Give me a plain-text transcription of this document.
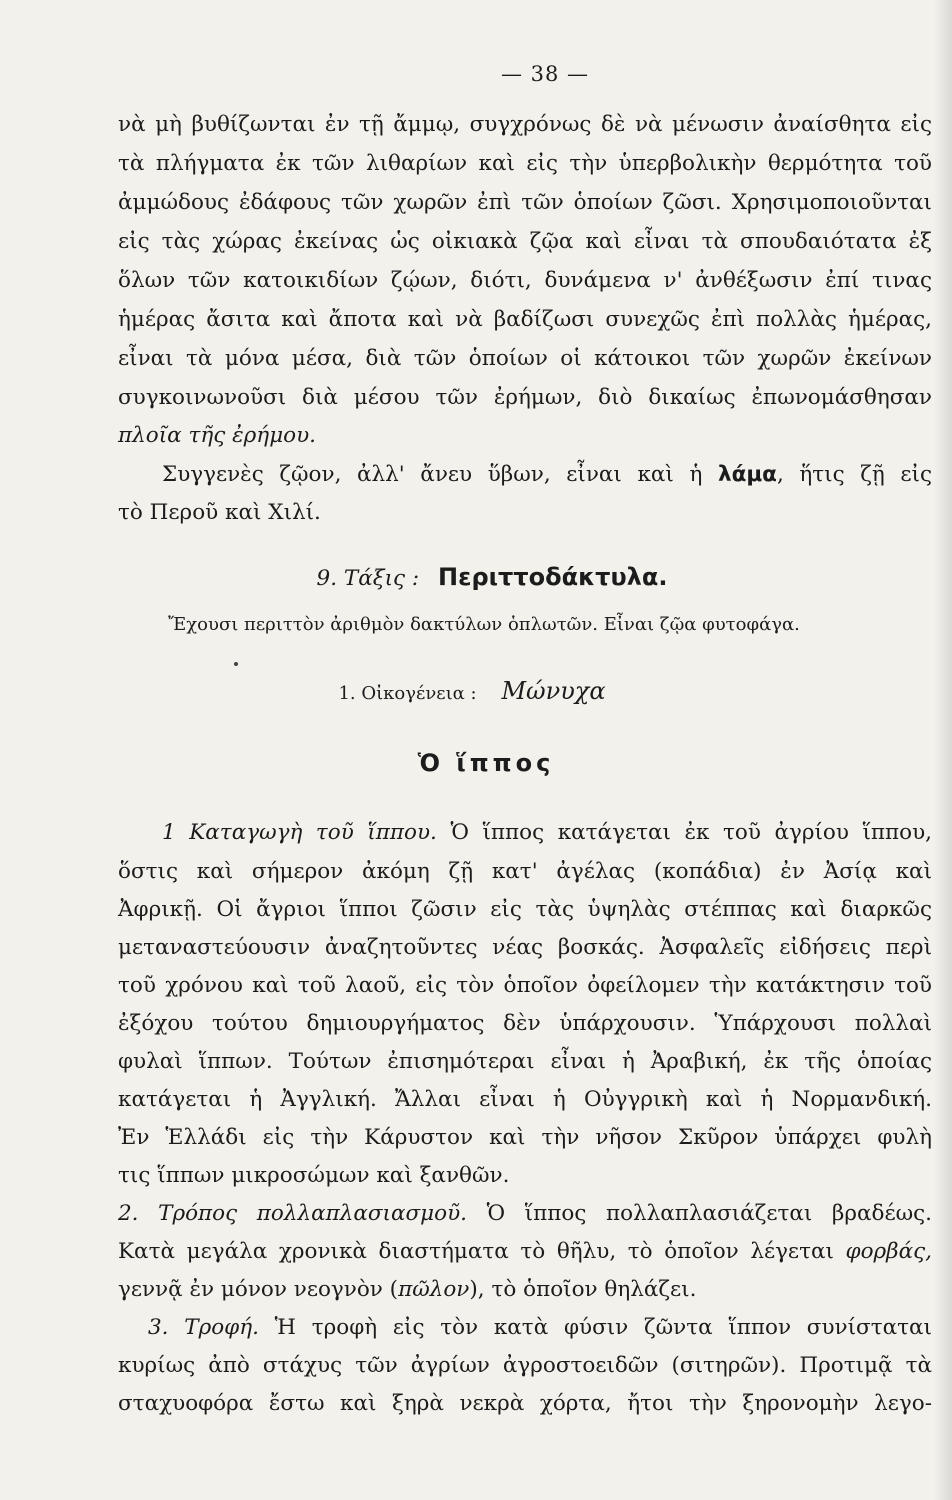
— 38 —
νὰ μὴ βυθίζωνται ἐν τῇ ἄμμῳ, συγχρόνως δὲ νὰ μένωσιν ἀναίσθητα εἰς
τὰ πλήγματα ἐκ τῶν λιθαρίων καὶ εἰς τὴν ὑπερβολικὴν θερμότητα τοῦ
ἀμμώδους ἐδάφους τῶν χωρῶν ἐπὶ τῶν ὁποίων ζῶσι. Χρησιμοποιοῦνται
εἰς τὰς χώρας ἐκείνας ὡς οἰκιακὰ ζῷα καὶ εἶναι τὰ σπουδαιότατα ἐξ
ὅλων τῶν κατοικιδίων ζῴων, διότι, δυνάμενα ν' ἀνθέξωσιν ἐπί τινας
ἡμέρας ἄσιτα καὶ ἄποτα καὶ νὰ βαδίζωσι συνεχῶς ἐπὶ πολλὰς ἡμέρας,
εἶναι τὰ μόνα μέσα, διὰ τῶν ὁποίων οἱ κάτοικοι τῶν χωρῶν ἐκείνων
συγκοινωνοῦσι διὰ μέσου τῶν ἐρήμων, διὸ δικαίως ἐπωνομάσθησαν
πλοῖα τῆς ἐρήμου.
Συγγενὲς ζῷον, ἀλλ' ἄνευ ὕβων, εἶναι καὶ ἡ λάμα, ἥτις ζῇ εἰς
τὸ Περοῦ καὶ Χιλί.
9. Τάξις : Περιττοδάκτυλα.
Ἔχουσι περιττὸν ἀριθμὸν δακτύλων ὁπλωτῶν. Εἶναι ζῷα φυτοφάγα.
1. Οἰκογένεια : Μώνυχα
Ὁ ἵππος
1 Καταγωγὴ τοῦ ἵππου. Ὁ ἵππος κατάγεται ἐκ τοῦ ἀγρίου ἵππου,
ὅστις καὶ σήμερον ἀκόμη ζῇ κατ' ἀγέλας (κοπάδια) ἐν Ἀσίᾳ καὶ
Ἀφρικῇ. Οἱ ἄγριοι ἵπποι ζῶσιν εἰς τὰς ὑψηλὰς στέππας καὶ διαρκῶς
μεταναστεύουσιν ἀναζητοῦντες νέας βοσκάς. Ἀσφαλεῖς εἰδήσεις περὶ
τοῦ χρόνου καὶ τοῦ λαοῦ, εἰς τὸν ὁποῖον ὀφείλομεν τὴν κατάκτησιν τοῦ
ἐξόχου τούτου δημιουργήματος δὲν ὑπάρχουσιν. Ὑπάρχουσι πολλαὶ
φυλαὶ ἵππων. Τούτων ἐπισημότεραι εἶναι ἡ Ἀραβική, ἐκ τῆς ὁποίας
κατάγεται ἡ Ἀγγλική. Ἄλλαι εἶναι ἡ Οὐγγρικὴ καὶ ἡ Νορμανδική.
Ἐν Ἑλλάδι εἰς τὴν Κάρυστον καὶ τὴν νῆσον Σκῦρον ὑπάρχει φυλὴ
τις ἵππων μικροσώμων καὶ ξανθῶν.
2. Τρόπος πολλαπλασιασμοῦ. Ὁ ἵππος πολλαπλασιάζεται βραδέως.
Κατὰ μεγάλα χρονικὰ διαστήματα τὸ θῆλυ, τὸ ὁποῖον λέγεται φορβάς,
γεννᾷ ἐν μόνον νεογνὸν (πῶλον), τὸ ὁποῖον θηλάζει.
3. Τροφή. Ἡ τροφὴ εἰς τὸν κατὰ φύσιν ζῶντα ἵππον συνίσταται
κυρίως ἀπὸ στάχυς τῶν ἀγρίων ἀγροστοειδῶν (σιτηρῶν). Προτιμᾷ τὰ
σταχυοφόρα ἔστω καὶ ξηρὰ νεκρὰ χόρτα, ἤτοι τὴν ξηρονομὴν λεγο-
